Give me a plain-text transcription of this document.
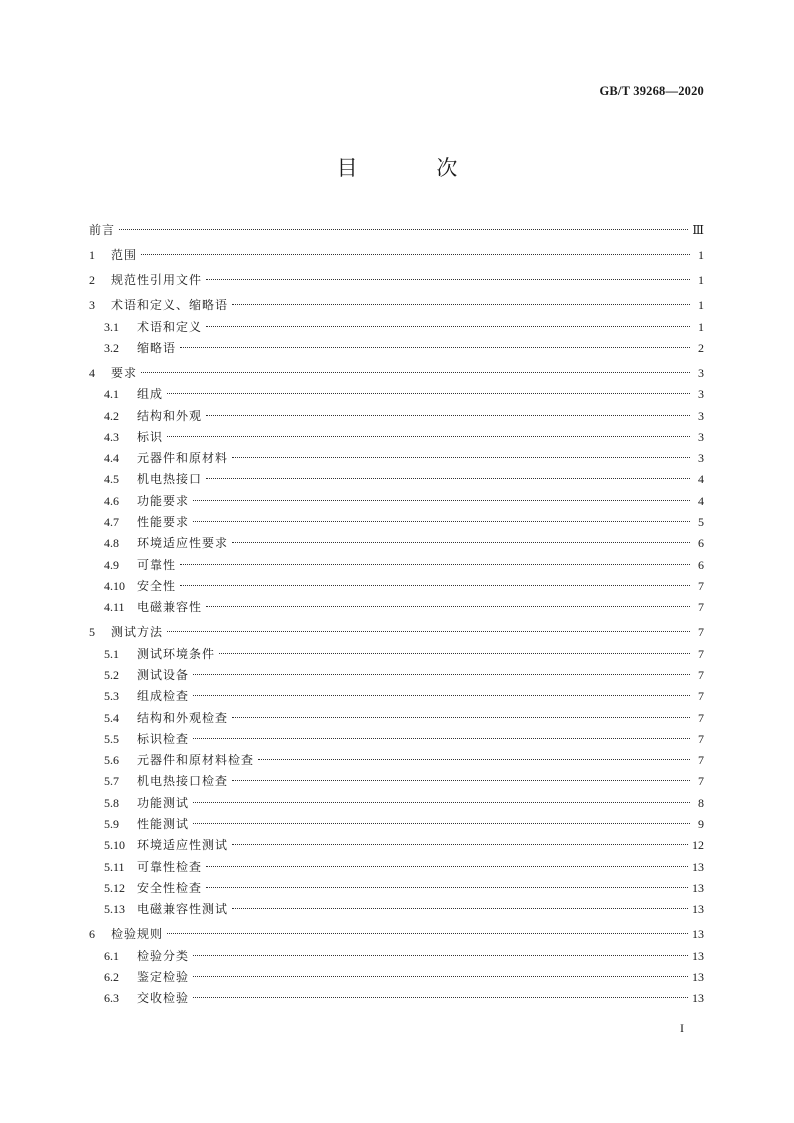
GB/T 39268—2020
目 次
前言	Ⅲ
1	范围	1
2	规范性引用文件	1
3	术语和定义、缩略语	1
3.1	术语和定义	1
3.2	缩略语	2
4	要求	3
4.1	组成	3
4.2	结构和外观	3
4.3	标识	3
4.4	元器件和原材料	3
4.5	机电热接口	4
4.6	功能要求	4
4.7	性能要求	5
4.8	环境适应性要求	6
4.9	可靠性	6
4.10	安全性	7
4.11	电磁兼容性	7
5	测试方法	7
5.1	测试环境条件	7
5.2	测试设备	7
5.3	组成检查	7
5.4	结构和外观检查	7
5.5	标识检查	7
5.6	元器件和原材料检查	7
5.7	机电热接口检查	7
5.8	功能测试	8
5.9	性能测试	9
5.10	环境适应性测试	12
5.11	可靠性检查	13
5.12	安全性检查	13
5.13	电磁兼容性测试	13
6	检验规则	13
6.1	检验分类	13
6.2	鉴定检验	13
6.3	交收检验	13
I
